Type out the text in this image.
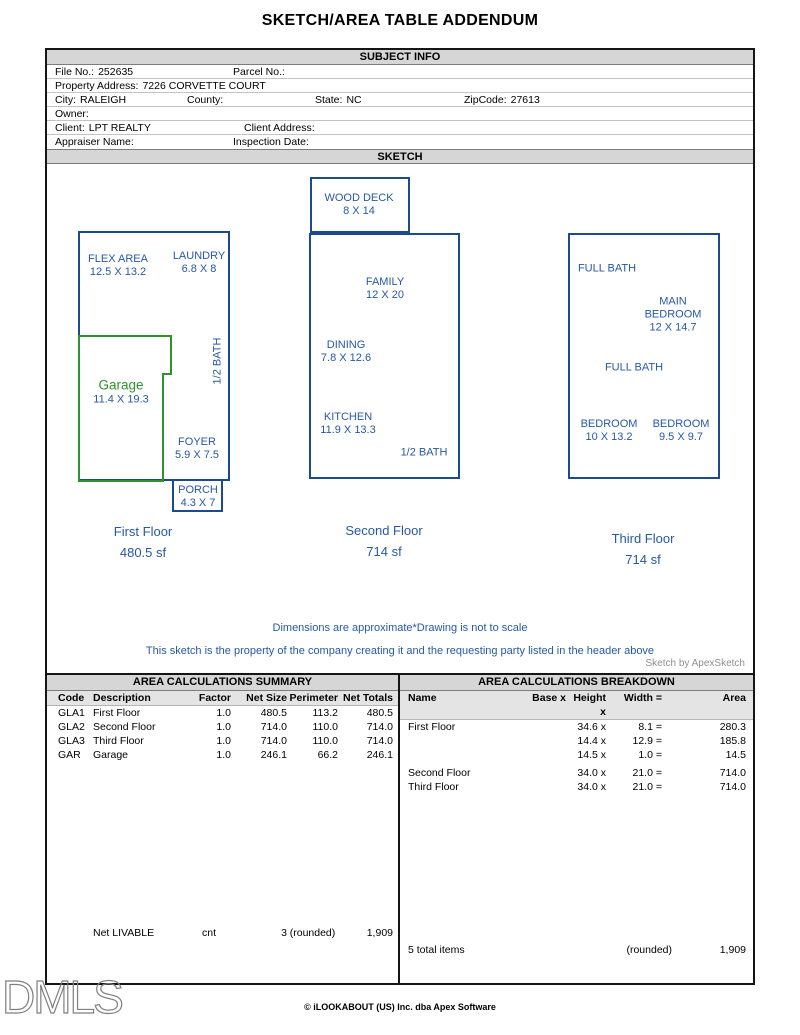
SKETCH/AREA TABLE ADDENDUM
SUBJECT INFO
File No.: 252635	Parcel No.:
Property Address: 7226 CORVETTE COURT
City: RALEIGH	County:	State: NC	ZipCode: 27613
Owner:
Client: LPT REALTY	Client Address:
Appraiser Name:	Inspection Date:
SKETCH
FLEX AREA
12.5 X 13.2
LAUNDRY
6.8 X 8
1/2 BATH
Garage
11.4 X 19.3
FOYER
5.9 X 7.5
PORCH
4.3 X 7
First Floor
480.5 sf
WOOD DECK
8 X 14
FAMILY
12 X 20
DINING
7.8 X 12.6
KITCHEN
11.9 X 13.3
1/2 BATH
Second Floor
714 sf
FULL BATH
MAIN
BEDROOM
12 X 14.7
FULL BATH
BEDROOM
10 X 13.2
BEDROOM
9.5 X 9.7
Third Floor
714 sf
Dimensions are approximate*Drawing is not to scale
This sketch is the property of the company creating it and the requesting party listed in the header above
Sketch by ApexSketch
AREA CALCULATIONS SUMMARY
Code Description	Factor	Net Size Perimeter Net Totals
GLA1 First Floor	1.0	480.5	113.2	480.5
GLA2 Second Floor	1.0	714.0	110.0	714.0
GLA3 Third Floor	1.0	714.0	110.0	714.0
GAR	Garage	1.0	246.1	66.2	246.1
Net LIVABLE	cnt	3 (rounded)	1,909
AREA CALCULATIONS BREAKDOWN
Name	Base x Height x
Width =	Area
First Floor	34.6 x	8.1 =	280.3
14.4 x	12.9 =	185.8
14.5 x	1.0 =	14.5
Second Floor	34.0 x	21.0 =	714.0
Third Floor	34.0 x	21.0 =	714.0
5 total items	(rounded)	1,909
DMLS	© iLOOKABOUT (US) Inc. dba Apex Software
